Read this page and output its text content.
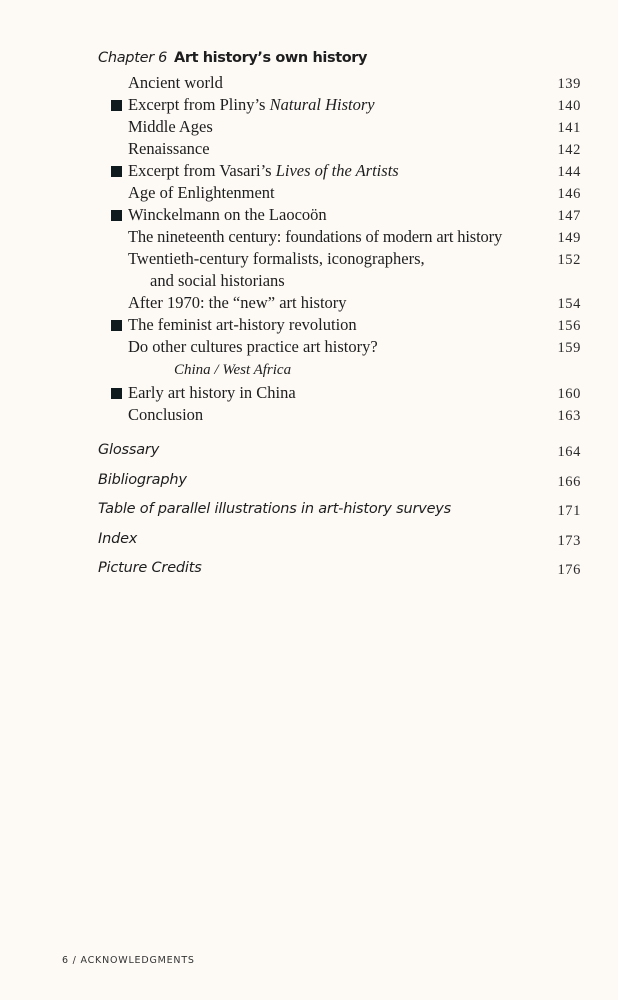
Chapter 6 Art history’s own history
Ancient world	139
Excerpt from Pliny’s Natural History	140
Middle Ages	141
Renaissance	142
Excerpt from Vasari’s Lives of the Artists	144
Age of Enlightenment	146
Winckelmann on the Laocoön	147
The nineteenth century: foundations of modern art history	149
Twentieth-century formalists, iconographers,	152
and social historians
After 1970: the “new” art history	154
The feminist art-history revolution	156
Do other cultures practice art history?	159
China / West Africa
Early art history in China	160
Conclusion	163
Glossary	164
Bibliography	166
Table of parallel illustrations in art-history surveys	171
Index	173
Picture Credits	176
6 / ACKNOWLEDGMENTS
